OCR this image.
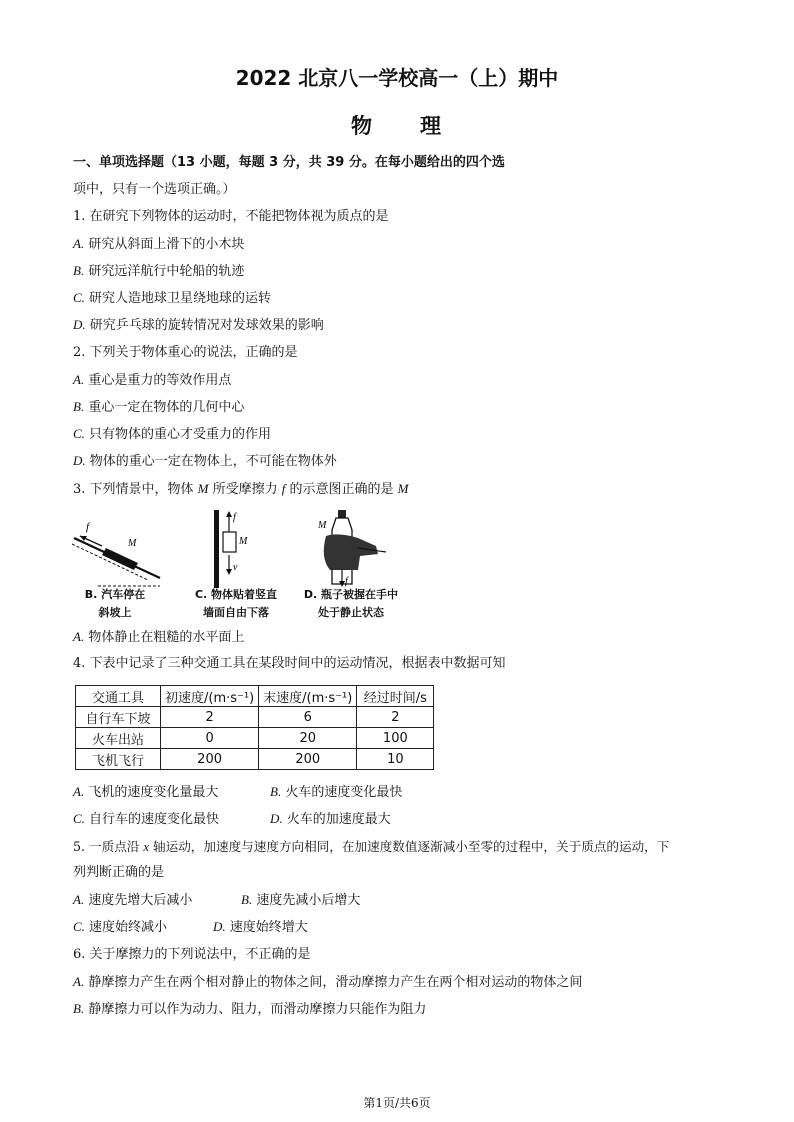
2022 北京八一学校高一（上）期中
物　　理
一、单项选择题（13 小题，每题 3 分，共 39 分。在每小题给出的四个选
项中，只有一个选项正确。）
1. 在研究下列物体的运动时，不能把物体视为质点的是
A. 研究从斜面上滑下的小木块
B. 研究远洋航行中轮船的轨迹
C. 研究人造地球卫星绕地球的运转
D. 研究乒乓球的旋转情况对发球效果的影响
2. 下列关于物体重心的说法，正确的是
A. 重心是重力的等效作用点
B. 重心一定在物体的几何中心
C. 只有物体的重心才受重力的作用
D. 物体的重心一定在物体上，不可能在物体外
3. 下列情景中，物体 M 所受摩擦力 f 的示意图正确的是 M
f
M	M
f
v
M
f
B. 汽车停在
斜坡上
C. 物体贴着竖直
墙面自由下落
D. 瓶子被握在手中
处于静止状态
A. 物体静止在粗糙的水平面上
4. 下表中记录了三种交通工具在某段时间中的运动情况，根据表中数据可知
交通工具	初速度/(m·s⁻¹)	末速度/(m·s⁻¹)	经过时间/s
自行车下坡	2	6	2
火车出站	0	20	100
飞机飞行	200	200	10
A. 飞机的速度变化量最大	B. 火车的速度变化最快
C. 自行车的速度变化最快	D. 火车的加速度最大
5. 一质点沿 x 轴运动，加速度与速度方向相同，在加速度数值逐渐减小至零的过程中，关于质点的运动，下
列判断正确的是
A. 速度先增大后减小	B. 速度先减小后增大
C. 速度始终减小	D. 速度始终增大
6. 关于摩擦力的下列说法中，不正确的是
A. 静摩擦力产生在两个相对静止的物体之间，滑动摩擦力产生在两个相对运动的物体之间
B. 静摩擦力可以作为动力、阻力，而滑动摩擦力只能作为阻力
第1页/共6页
